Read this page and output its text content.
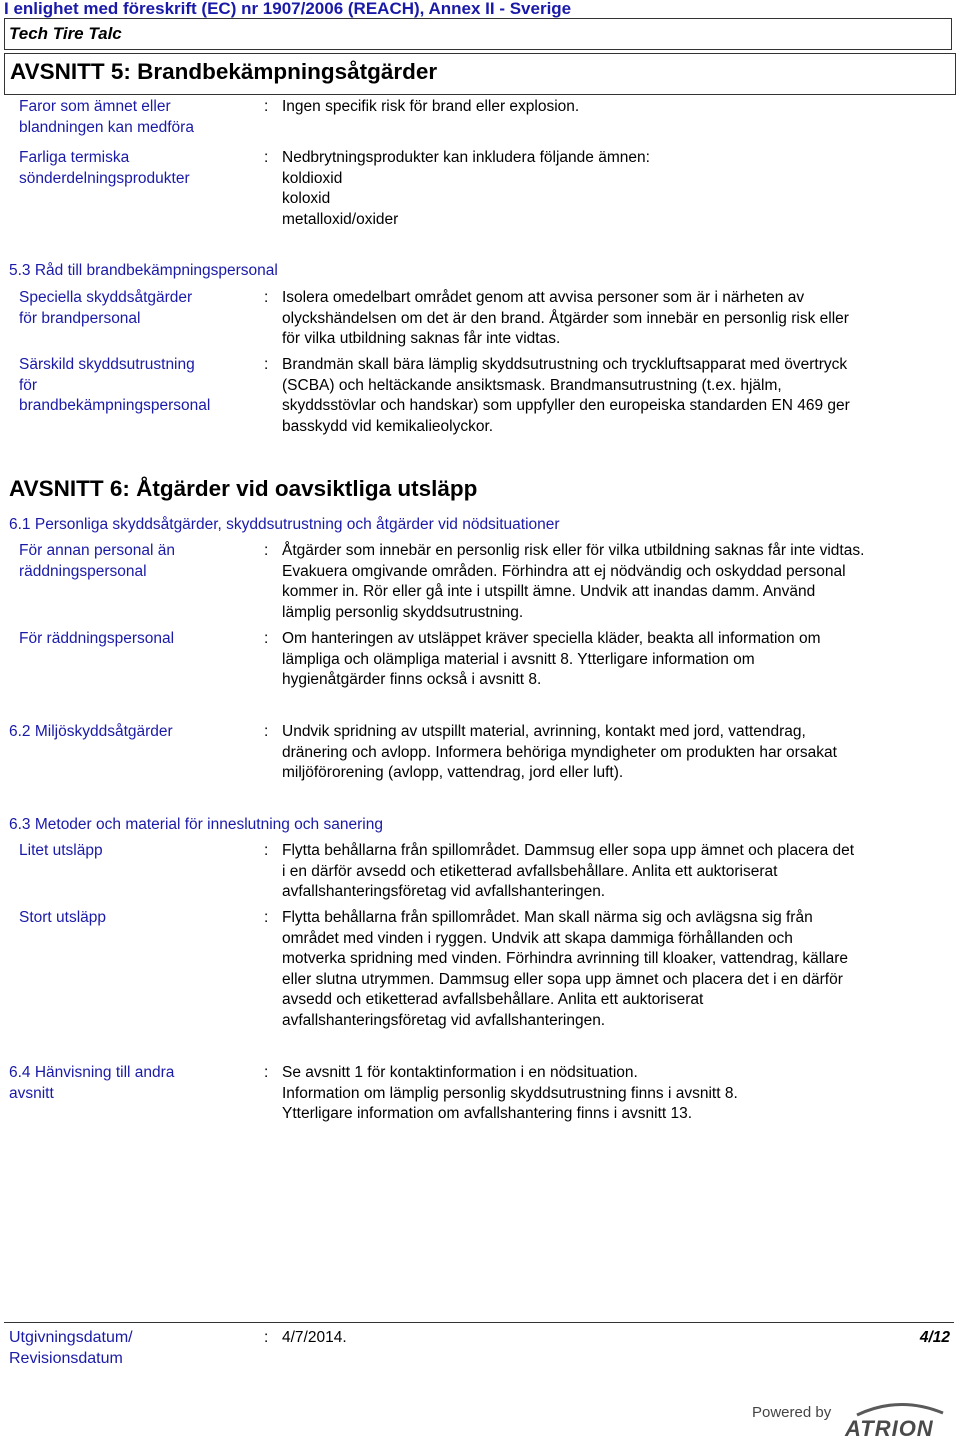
I enlighet med föreskrift (EC) nr 1907/2006 (REACH), Annex II - Sverige
Tech Tire Talc
AVSNITT 5: Brandbekämpningsåtgärder
Faror som ämnet eller
blandningen kan medföra
: Ingen specifik risk för brand eller explosion.
Farliga termiska
sönderdelningsprodukter
: Nedbrytningsprodukter kan inkludera följande ämnen:
koldioxid
koloxid
metalloxid/oxider
5.3 Råd till brandbekämpningspersonal
Speciella skyddsåtgärder
för brandpersonal
: Isolera omedelbart området genom att avvisa personer som är i närheten av
olyckshändelsen om det är den brand. Åtgärder som innebär en personlig risk eller
för vilka utbildning saknas får inte vidtas.
Särskild skyddsutrustning
för
brandbekämpningspersonal
: Brandmän skall bära lämplig skyddsutrustning och tryckluftsapparat med övertryck
(SCBA) och heltäckande ansiktsmask. Brandmansutrustning (t.ex. hjälm,
skyddsstövlar och handskar) som uppfyller den europeiska standarden EN 469 ger
basskydd vid kemikalieolyckor.
AVSNITT 6: Åtgärder vid oavsiktliga utsläpp
6.1 Personliga skyddsåtgärder, skyddsutrustning och åtgärder vid nödsituationer
För annan personal än
räddningspersonal
: Åtgärder som innebär en personlig risk eller för vilka utbildning saknas får inte vidtas.
Evakuera omgivande områden. Förhindra att ej nödvändig och oskyddad personal
kommer in. Rör eller gå inte i utspillt ämne. Undvik att inandas damm. Använd
lämplig personlig skyddsutrustning.
För räddningspersonal	: Om hanteringen av utsläppet kräver speciella kläder, beakta all information om
lämpliga och olämpliga material i avsnitt 8. Ytterligare information om
hygienåtgärder finns också i avsnitt 8.
6.2 Miljöskyddsåtgärder	: Undvik spridning av utspillt material, avrinning, kontakt med jord, vattendrag,
dränering och avlopp. Informera behöriga myndigheter om produkten har orsakat
miljöförorening (avlopp, vattendrag, jord eller luft).
6.3 Metoder och material för inneslutning och sanering
Litet utsläpp	: Flytta behållarna från spillområdet. Dammsug eller sopa upp ämnet och placera det
i en därför avsedd och etiketterad avfallsbehållare. Anlita ett auktoriserat
avfallshanteringsföretag vid avfallshanteringen.
Stort utsläpp	: Flytta behållarna från spillområdet. Man skall närma sig och avlägsna sig från
området med vinden i ryggen. Undvik att skapa dammiga förhållanden och
motverka spridning med vinden. Förhindra avrinning till kloaker, vattendrag, källare
eller slutna utrymmen. Dammsug eller sopa upp ämnet och placera det i en därför
avsedd och etiketterad avfallsbehållare. Anlita ett auktoriserat
avfallshanteringsföretag vid avfallshanteringen.
6.4 Hänvisning till andra
avsnitt
: Se avsnitt 1 för kontaktinformation i en nödsituation.
Information om lämplig personlig skyddsutrustning finns i avsnitt 8.
Ytterligare information om avfallshantering finns i avsnitt 13.
Utgivningsdatum/
Revisionsdatum
: 4/7/2014.	4/12
Powered by
ATRION
